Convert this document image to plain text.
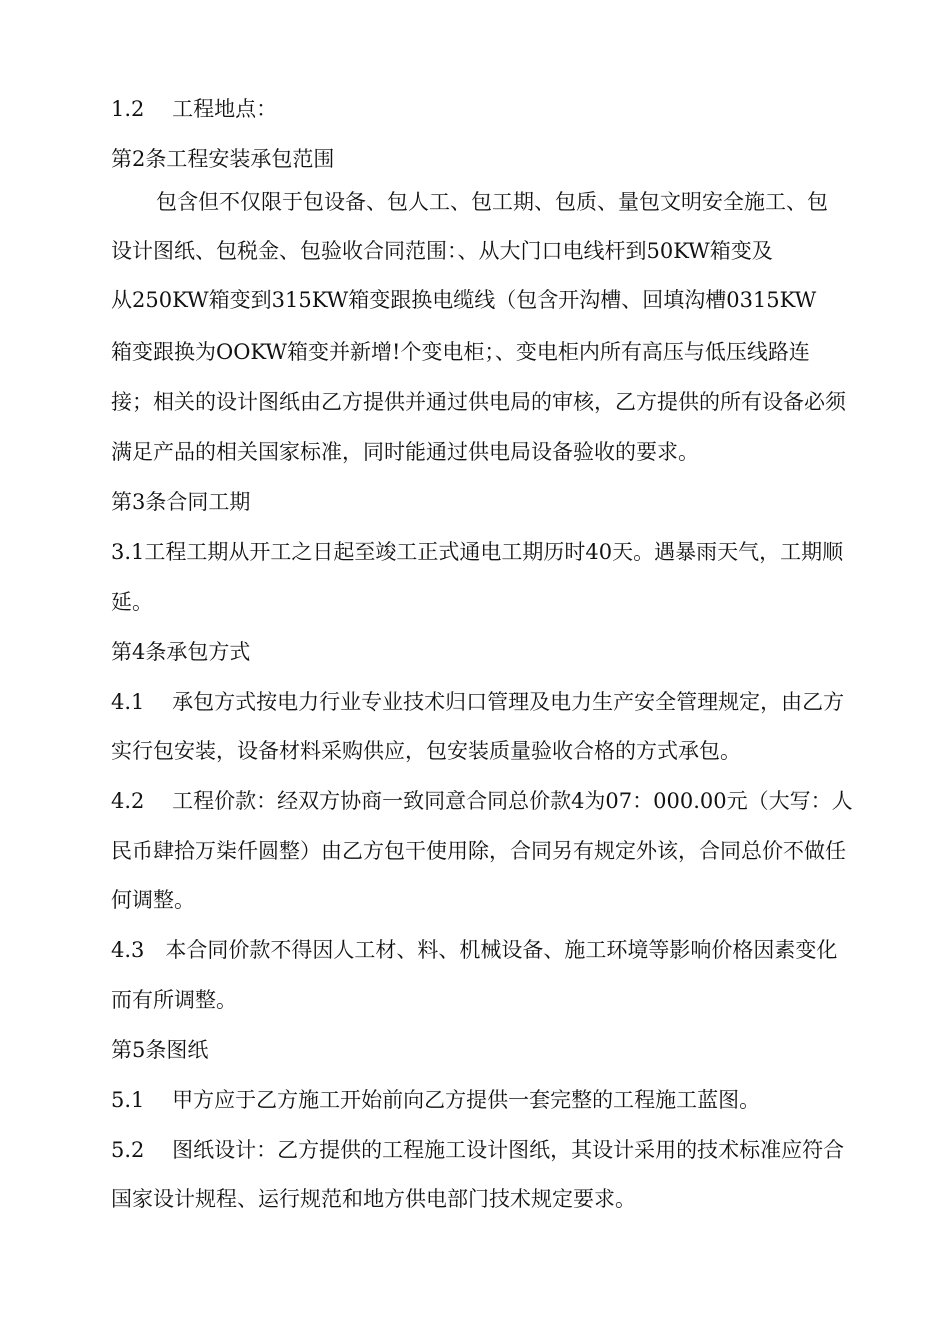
1.2　 工程地点：
第2条工程安装承包范围
包含但不仅限于包设备、包人工、包工期、包质、量包文明安全施工、包
设计图纸、包税金、包验收合同范围：、从大门口电线杆到50KW箱变及
从250KW箱变到315KW箱变跟换电缆线（包含开沟槽、回填沟槽0315KW
箱变跟换为OOKW箱变并新增!个变电柜；、变电柜内所有高压与低压线路连
接；相关的设计图纸由乙方提供并通过供电局的审核，乙方提供的所有设备必须
满足产品的相关国家标准，同时能通过供电局设备验收的要求。
第3条合同工期
3.1工程工期从开工之日起至竣工正式通电工期历时40天。遇暴雨天气，工期顺
延。
第4条承包方式
4.1　 承包方式按电力行业专业技术归口管理及电力生产安全管理规定，由乙方
实行包安装，设备材料采购供应，包安装质量验收合格的方式承包。
4.2　 工程价款：经双方协商一致同意合同总价款4为07：000.00元（大写：人
民币肆拾万柒仟圆整）由乙方包干使用除，合同另有规定外该，合同总价不做任
何调整。
4.3　本合同价款不得因人工材、料、机械设备、施工环境等影响价格因素变化
而有所调整。
第5条图纸
5.1　 甲方应于乙方施工开始前向乙方提供一套完整的工程施工蓝图。
5.2　 图纸设计：乙方提供的工程施工设计图纸，其设计采用的技术标准应符合
国家设计规程、运行规范和地方供电部门技术规定要求。
